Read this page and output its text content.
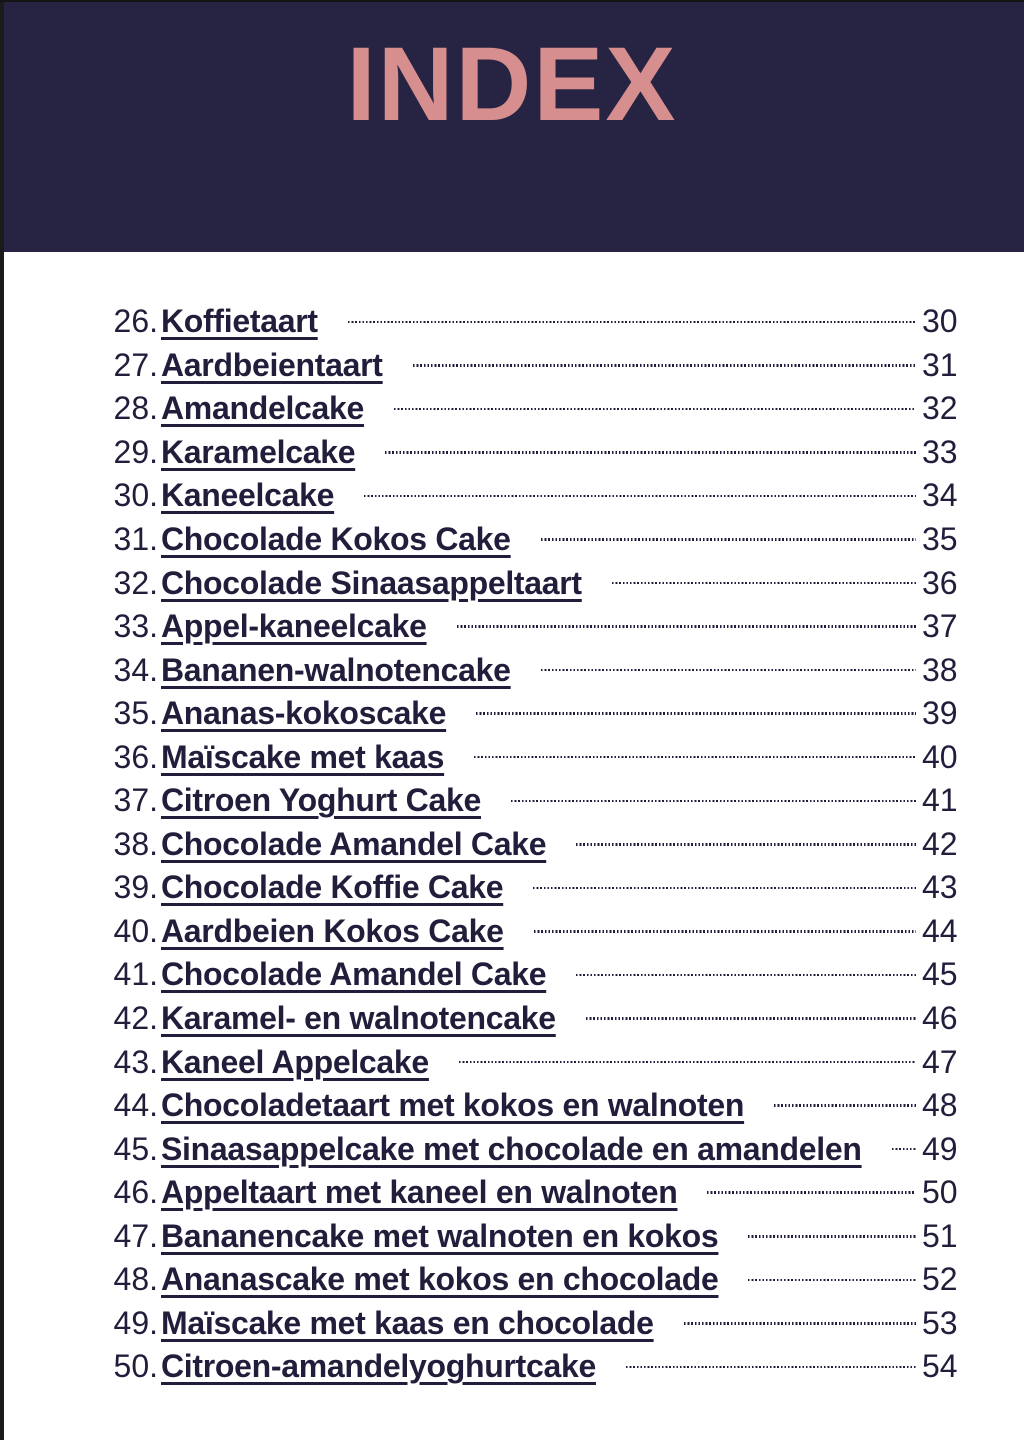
INDEX
26. Koffietaart	30
27. Aardbeientaart	31
28. Amandelcake	32
29. Karamelcake	33
30. Kaneelcake	34
31. Chocolade Kokos Cake	35
32. Chocolade Sinaasappeltaart	36
33. Appel-kaneelcake	37
34. Bananen-walnotencake	38
35. Ananas-kokoscake	39
36. Maïscake met kaas	40
37. Citroen Yoghurt Cake	41
38. Chocolade Amandel Cake	42
39. Chocolade Koffie Cake	43
40. Aardbeien Kokos Cake	44
41. Chocolade Amandel Cake	45
42. Karamel- en walnotencake	46
43. Kaneel Appelcake	47
44. Chocoladetaart met kokos en walnoten	48
45. Sinaasappelcake met chocolade en amandelen 49
46. Appeltaart met kaneel en walnoten	50
47. Bananencake met walnoten en kokos	51
48. Ananascake met kokos en chocolade	52
49. Maïscake met kaas en chocolade	53
50. Citroen-amandelyoghurtcake	54
